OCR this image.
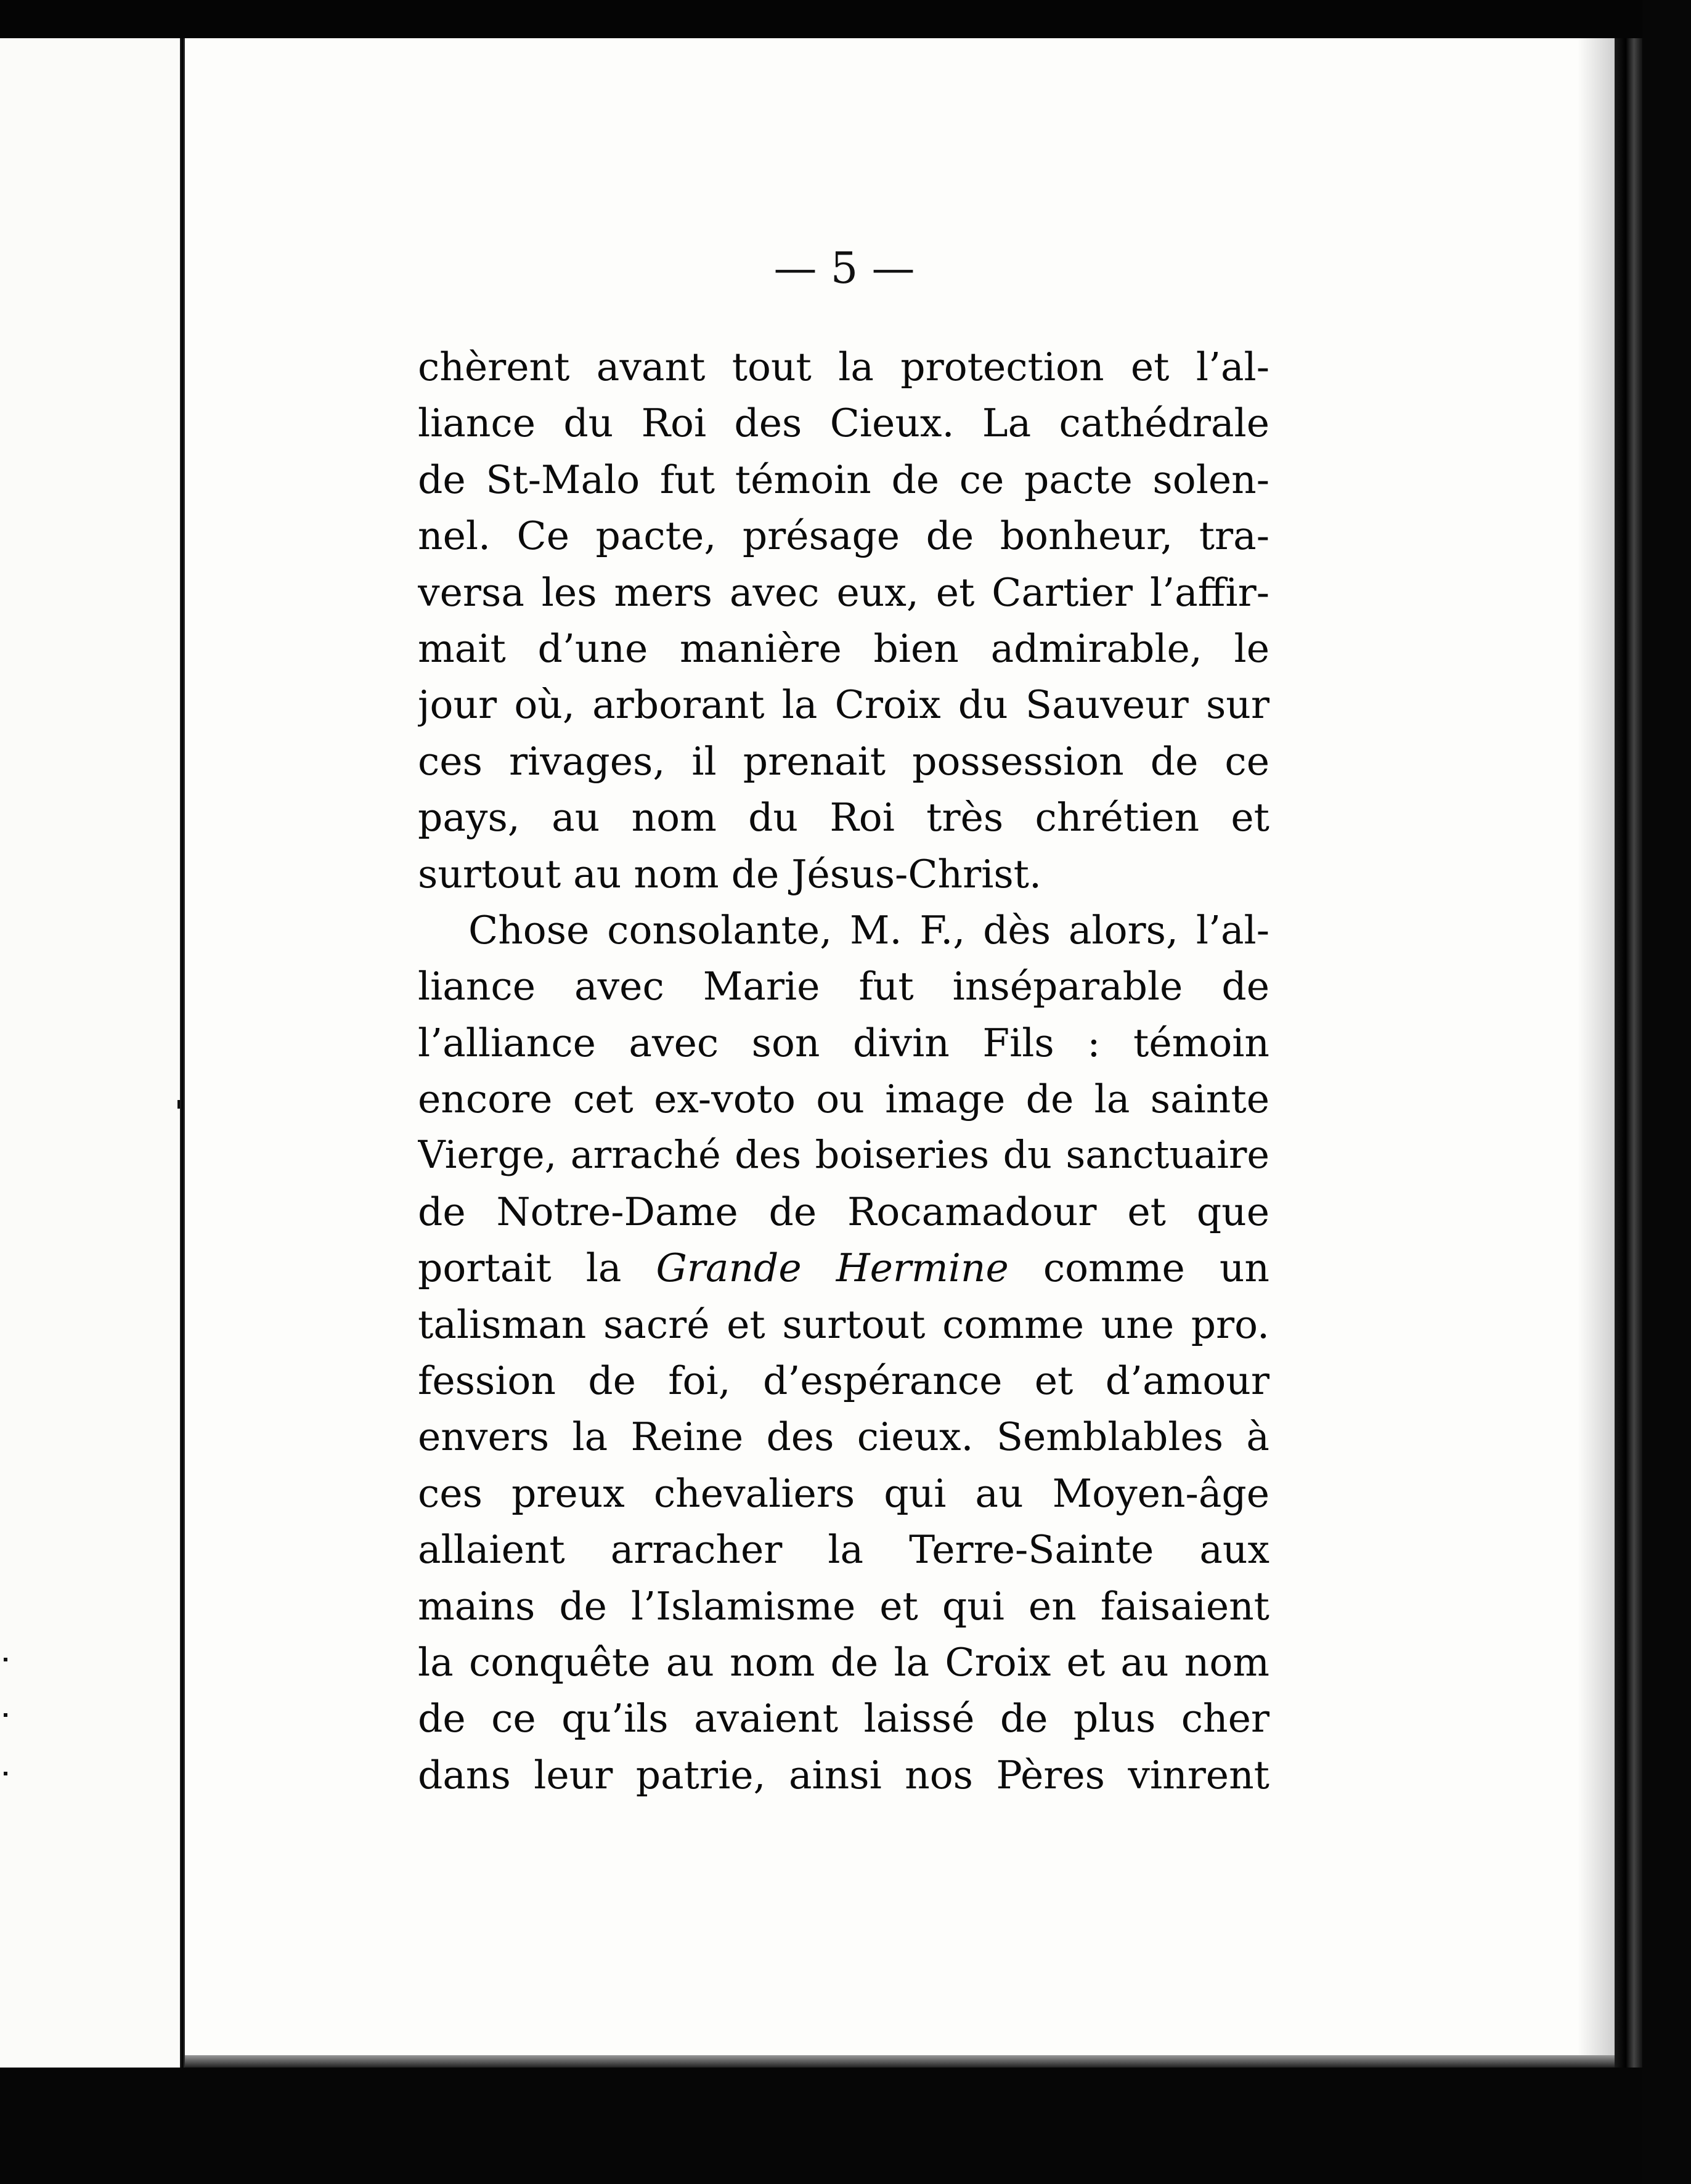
— 5 —
chèrent avant tout la protection et l’al-
liance du Roi des Cieux. La cathédrale
de St-Malo fut témoin de ce pacte solen-
nel. Ce pacte, présage de bonheur, tra-
versa les mers avec eux, et Cartier l’affir-
mait d’une manière bien admirable, le
jour où, arborant la Croix du Sauveur sur
ces rivages, il prenait possession de ce
pays, au nom du Roi très chrétien et
surtout au nom de Jésus-Christ.
Chose consolante, M. F., dès alors, l’al-
liance avec Marie fut inséparable de
l’alliance avec son divin Fils : témoin
encore cet ex-voto ou image de la sainte
Vierge, arraché des boiseries du sanctuaire
de Notre-Dame de Rocamadour et que
portait la Grande Hermine comme un
talisman sacré et surtout comme une pro.
fession de foi, d’espérance et d’amour
envers la Reine des cieux. Semblables à
ces preux chevaliers qui au Moyen-âge
allaient arracher la Terre-Sainte aux
mains de l’Islamisme et qui en faisaient
la conquête au nom de la Croix et au nom
de ce qu’ils avaient laissé de plus cher
dans leur patrie, ainsi nos Pères vinrent
